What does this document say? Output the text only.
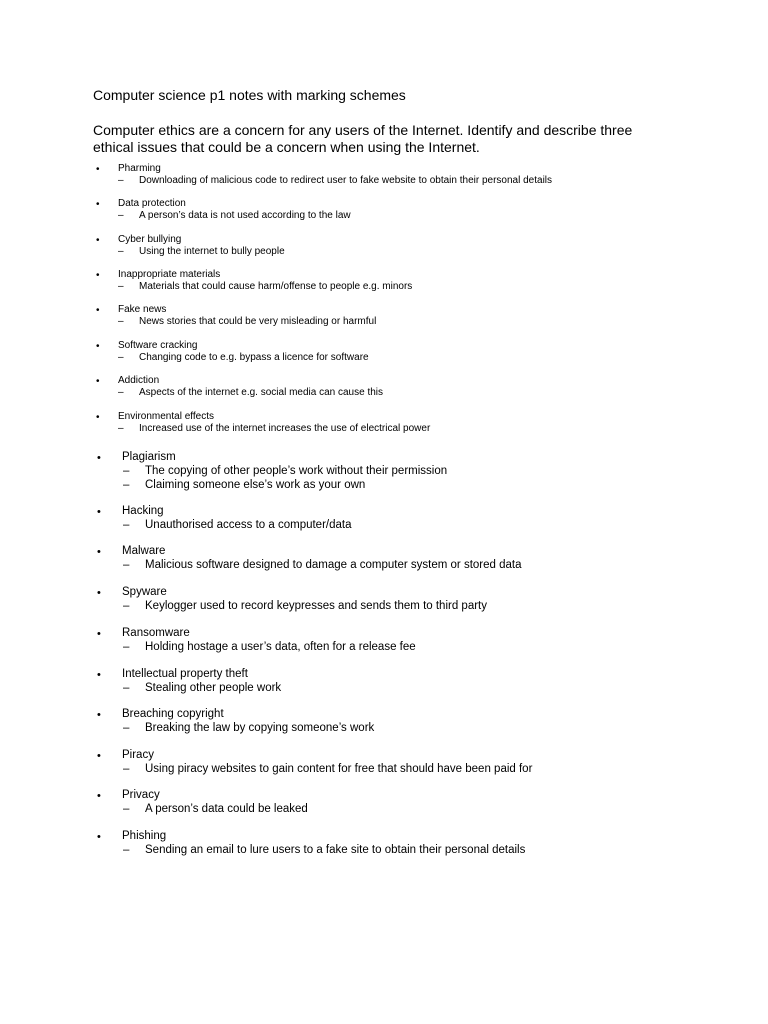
Computer science p1 notes with marking schemes
Computer ethics are a concern for any users of the Internet. Identify and describe three
ethical issues that could be a concern when using the Internet.
• Pharming
– Downloading of malicious code to redirect user to fake website to obtain their personal details
• Data protection
– A person’s data is not used according to the law
• Cyber bullying
– Using the internet to bully people
• Inappropriate materials
– Materials that could cause harm/offense to people e.g. minors
• Fake news
– News stories that could be very misleading or harmful
• Software cracking
– Changing code to e.g. bypass a licence for software
• Addiction
– Aspects of the internet e.g. social media can cause this
• Environmental effects
– Increased use of the internet increases the use of electrical power
• Plagiarism
– The copying of other people’s work without their permission
– Claiming someone else’s work as your own
• Hacking
– Unauthorised access to a computer/data
• Malware
– Malicious software designed to damage a computer system or stored data
• Spyware
– Keylogger used to record keypresses and sends them to third party
• Ransomware
– Holding hostage a user’s data, often for a release fee
• Intellectual property theft
– Stealing other people work
• Breaching copyright
– Breaking the law by copying someone’s work
• Piracy
– Using piracy websites to gain content for free that should have been paid for
• Privacy
– A person’s data could be leaked
• Phishing
– Sending an email to lure users to a fake site to obtain their personal details
